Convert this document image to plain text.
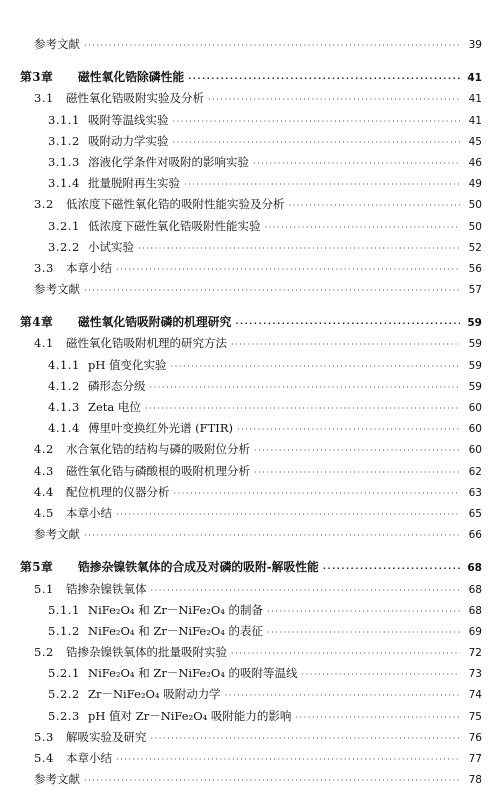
参考文献 ·····	39
第3章	磁性氧化锆除磷性能 ·····	41
3.1	磁性氧化锆吸附实验及分析 ·····	41
3.1.1 吸附等温线实验 ·····	41
3.1.2 吸附动力学实验 ·····	45
3.1.3 溶液化学条件对吸附的影响实验 ·····	46
3.1.4 批量脱附再生实验 ·····	49
3.2	低浓度下磁性氧化锆的吸附性能实验及分析 ·····	50
3.2.1 低浓度下磁性氧化锆吸附性能实验 ·····	50
3.2.2 小试实验 ·····	52
3.3	本章小结 ·····	56
参考文献 ·····	57
第4章	磁性氧化锆吸附磷的机理研究 ·····	59
4.1	磁性氧化锆吸附机理的研究方法 ·····	59
4.1.1 pH 值变化实验 ·····	59
4.1.2 磷形态分级 ·····	59
4.1.3 Zeta 电位 ·····	60
4.1.4 傅里叶变换红外光谱 (FTIR) ·····	60
4.2	水合氧化锆的结构与磷的吸附位分析 ·····	60
4.3	磁性氧化锆与磷酸根的吸附机理分析 ·····	62
4.4	配位机理的仪器分析 ·····	63
4.5	本章小结 ·····	65
参考文献 ·····	66
第5章	锆掺杂镍铁氧体的合成及对磷的吸附-解吸性能 ·····	68
5.1	锆掺杂镍铁氧体 ·····	68
5.1.1 NiFe₂O₄ 和 Zr－NiFe₂O₄ 的制备 ·····	68
5.1.2 NiFe₂O₄ 和 Zr－NiFe₂O₄ 的表征 ·····	69
5.2	锆掺杂镍铁氧体的批量吸附实验 ·····	72
5.2.1 NiFe₂O₄ 和 Zr－NiFe₂O₄ 的吸附等温线 ·····	73
5.2.2 Zr－NiFe₂O₄ 吸附动力学 ·····	74
5.2.3 pH 值对 Zr－NiFe₂O₄ 吸附能力的影响 ·····	75
5.3	解吸实验及研究 ·····	76
5.4	本章小结 ·····	77
参考文献 ·····	78
